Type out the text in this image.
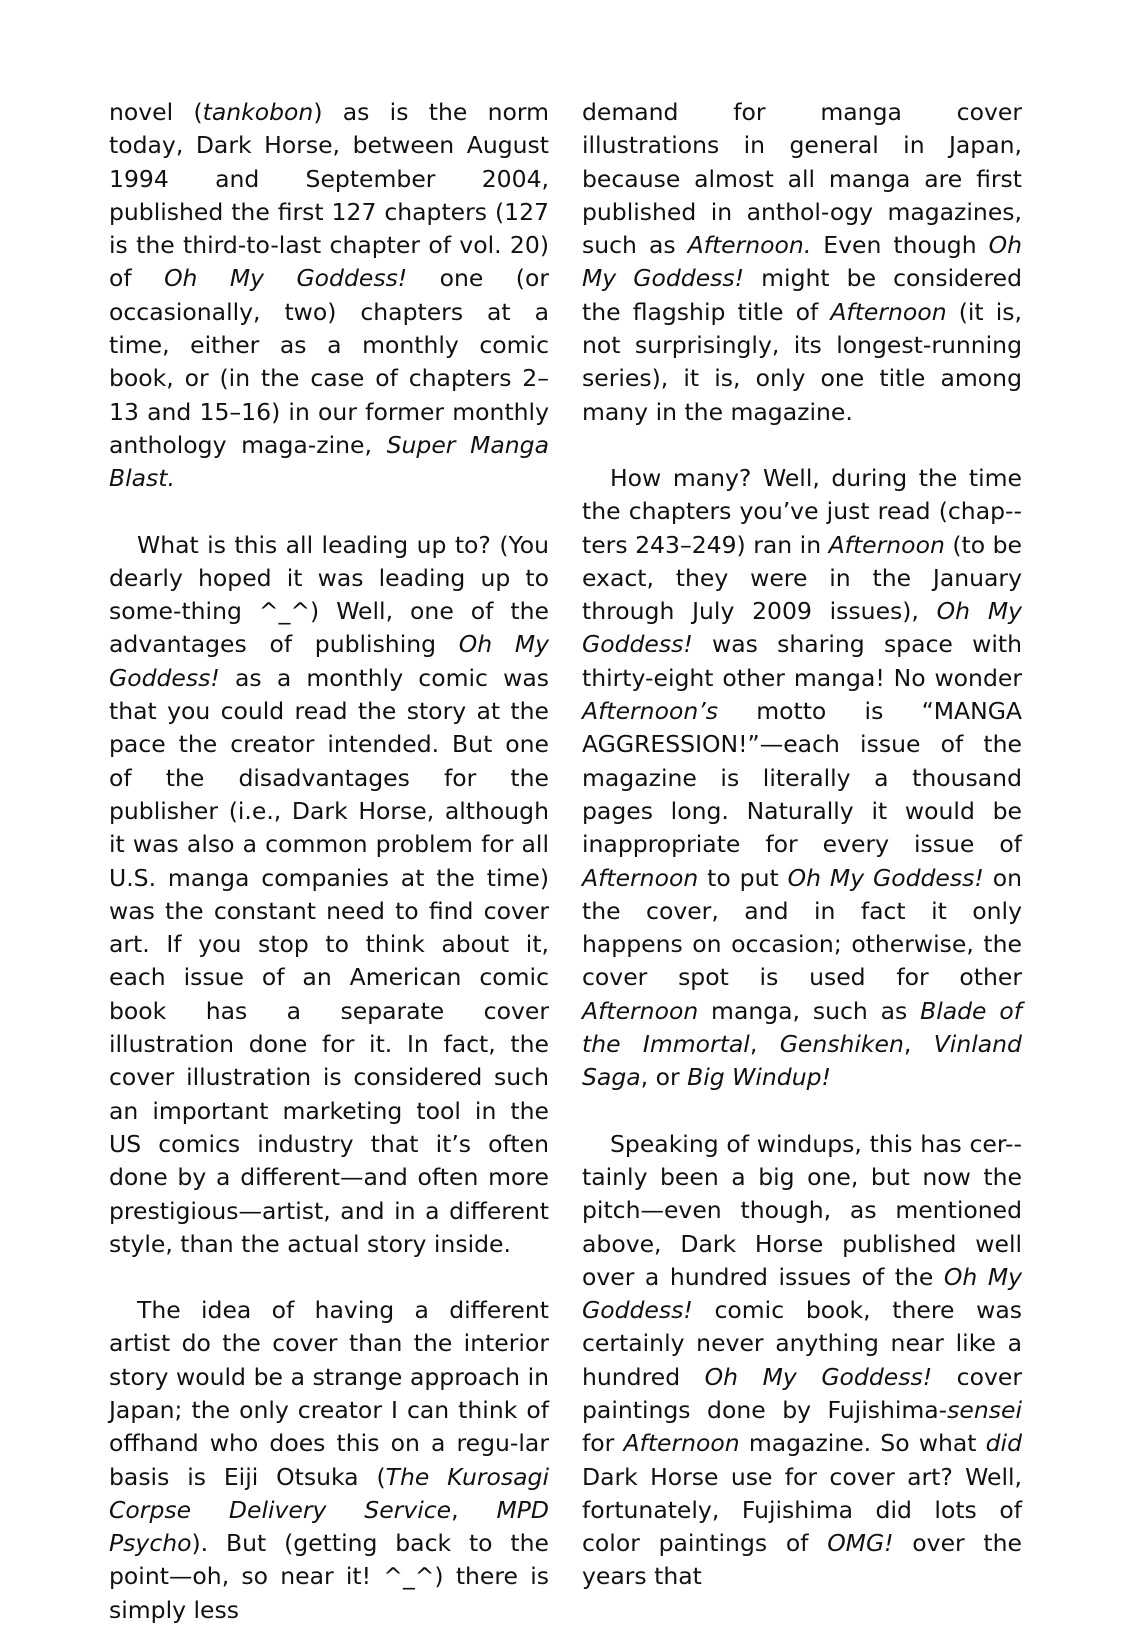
novel (tankobon) as is the norm today, Dark Horse, between August 1994 and September 2004, published the first 127 chapters (127 is the third-to-last chapter of vol. 20) of Oh My Goddess! one (or occasionally, two) chapters at a time, either as a monthly comic book, or (in the case of chapters 2–13 and 15–16) in our former monthly anthology maga-zine, Super Manga Blast.

What is this all leading up to? (You dearly hoped it was leading up to some-thing ^_^) Well, one of the advantages of publishing Oh My Goddess! as a monthly comic was that you could read the story at the pace the creator intended. But one of the disadvantages for the publisher (i.e., Dark Horse, although it was also a common problem for all U.S. manga companies at the time) was the constant need to find cover art. If you stop to think about it, each issue of an American comic book has a separate cover illustration done for it. In fact, the cover illustration is considered such an important marketing tool in the US comics industry that it’s often done by a different—and often more prestigious—artist, and in a different style, than the actual story inside.

The idea of having a different artist do the cover than the interior story would be a strange approach in Japan; the only creator I can think of offhand who does this on a regu-lar basis is Eiji Otsuka (The Kurosagi Corpse Delivery Service, MPD Psycho). But (getting back to the point—oh, so near it! ^_^) there is simply less

demand for manga cover illustrations in general in Japan, because almost all manga are first published in anthol-ogy magazines, such as Afternoon. Even though Oh My Goddess! might be considered the flagship title of Afternoon (it is, not surprisingly, its longest-running series), it is, only one title among many in the magazine.

How many? Well, during the time the chapters you’ve just read (chap-ters 243–249) ran in Afternoon (to be exact, they were in the January through July 2009 issues), Oh My Goddess! was sharing space with thirty-eight other manga! No wonder Afternoon’s motto is “MANGA AGGRESSION!”—each issue of the magazine is literally a thousand pages long. Naturally it would be inappropriate for every issue of Afternoon to put Oh My Goddess! on the cover, and in fact it only happens on occasion; otherwise, the cover spot is used for other Afternoon manga, such as Blade of the Immortal, Genshiken, Vinland Saga, or Big Windup!

Speaking of windups, this has cer-tainly been a big one, but now the pitch—even though, as mentioned above, Dark Horse published well over a hundred issues of the Oh My Goddess! comic book, there was certainly never anything near like a hundred Oh My Goddess! cover paintings done by Fujishima-sensei for Afternoon magazine. So what did Dark Horse use for cover art? Well, fortunately, Fujishima did lots of color paintings of OMG! over the years that
